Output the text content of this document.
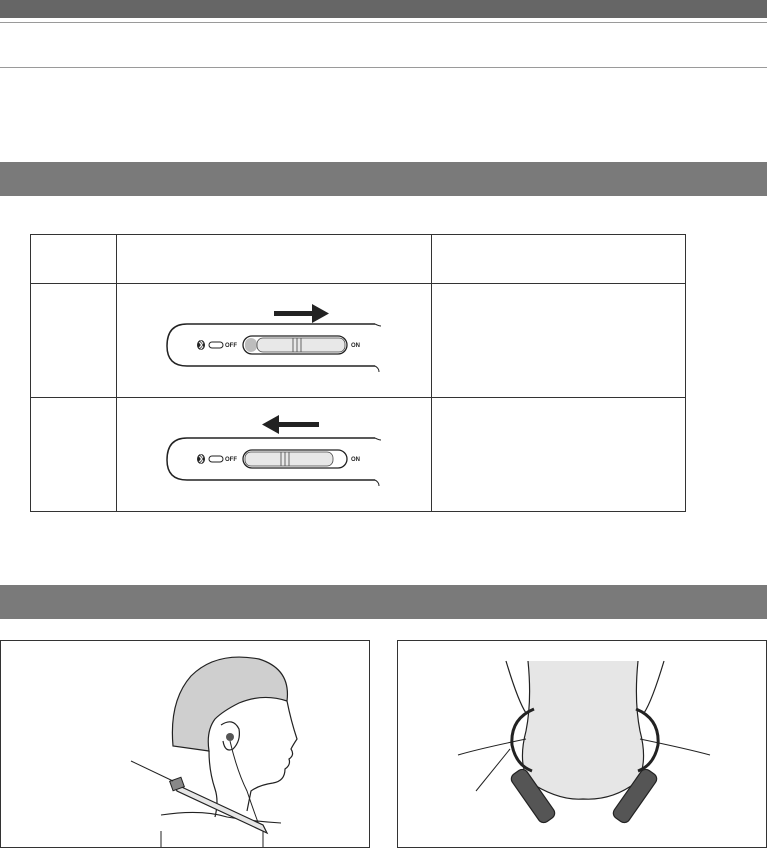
OFF ON	

OFF ON	
